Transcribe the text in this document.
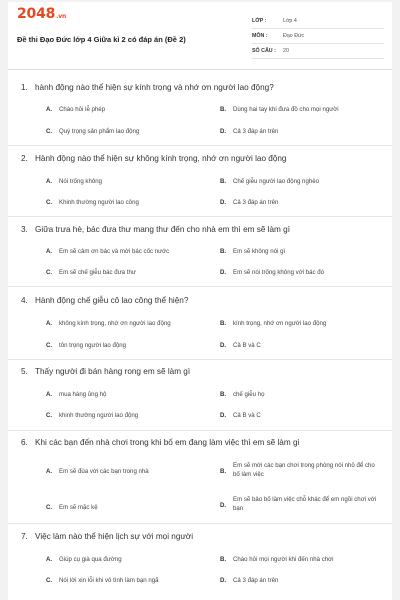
2048.vn
Đề thi Đạo Đức lớp 4 Giữa kì 2 có đáp án (Đề 2)
LỚP :	Lớp 4
MÔN :	Đạo Đức
SỐ CÂU :	20
1. hành động nào thể hiện sự kính trọng và nhớ ơn người lao động?
A. Chào hỏi lễ phép	B. Dùng hai tay khi đưa đồ cho mọi người
C. Quý trọng sản phẩm lao động	D. Cả 3 đáp án trên
2. Hành động nào thể hiện sự không kính trọng, nhớ ơn người lao động
A. Nói trống không	B. Chế giễu người lao động nghèo
C. Khinh thường người lao công	D. Cả 3 đáp án trên
3. Giữa trưa hè, bác đưa thư mang thư đến cho nhà em thì em sẽ làm gì
A. Em sẽ cảm ơn bác và mời bác cốc nước	B. Em sẽ không nói gì
C. Em sẽ chế giễu bác đưa thư	D. Em sẽ nói trống không với bác đó
4. Hành động chế giễu cô lao công thể hiện?
A. không kính trọng, nhớ ơn người lao động	B. kính trọng, nhớ ơn người lao động
C. tôn trọng người lao động	D. Cả B và C
5. Thấy người đi bán hàng rong em sẽ làm gì
A. mua hàng ủng hộ	B. chế giễu họ
C. khinh thường người lao động	D. Cả B và C
6. Khi các bạn đến nhà chơi trong khi bố em đang làm việc thì em sẽ làm gì
A. Em sẽ đùa với các bạn trong nhà	B.
Em sẽ mời các bạn chơi trong phòng nói nhỏ để cho bố làm việc
C. Em sẽ mặc kệ	D.
Em sẽ bảo bố làm việc chỗ khác để em ngồi chơi với bạn
7. Việc làm nào thể hiện lịch sự với mọi người
A. Giúp cụ già qua đường	B. Chào hỏi mọi người khi đến nhà chơi
C. Nói lời xin lỗi khi vô tình làm bạn ngã	D. Cả 3 đáp án trên
